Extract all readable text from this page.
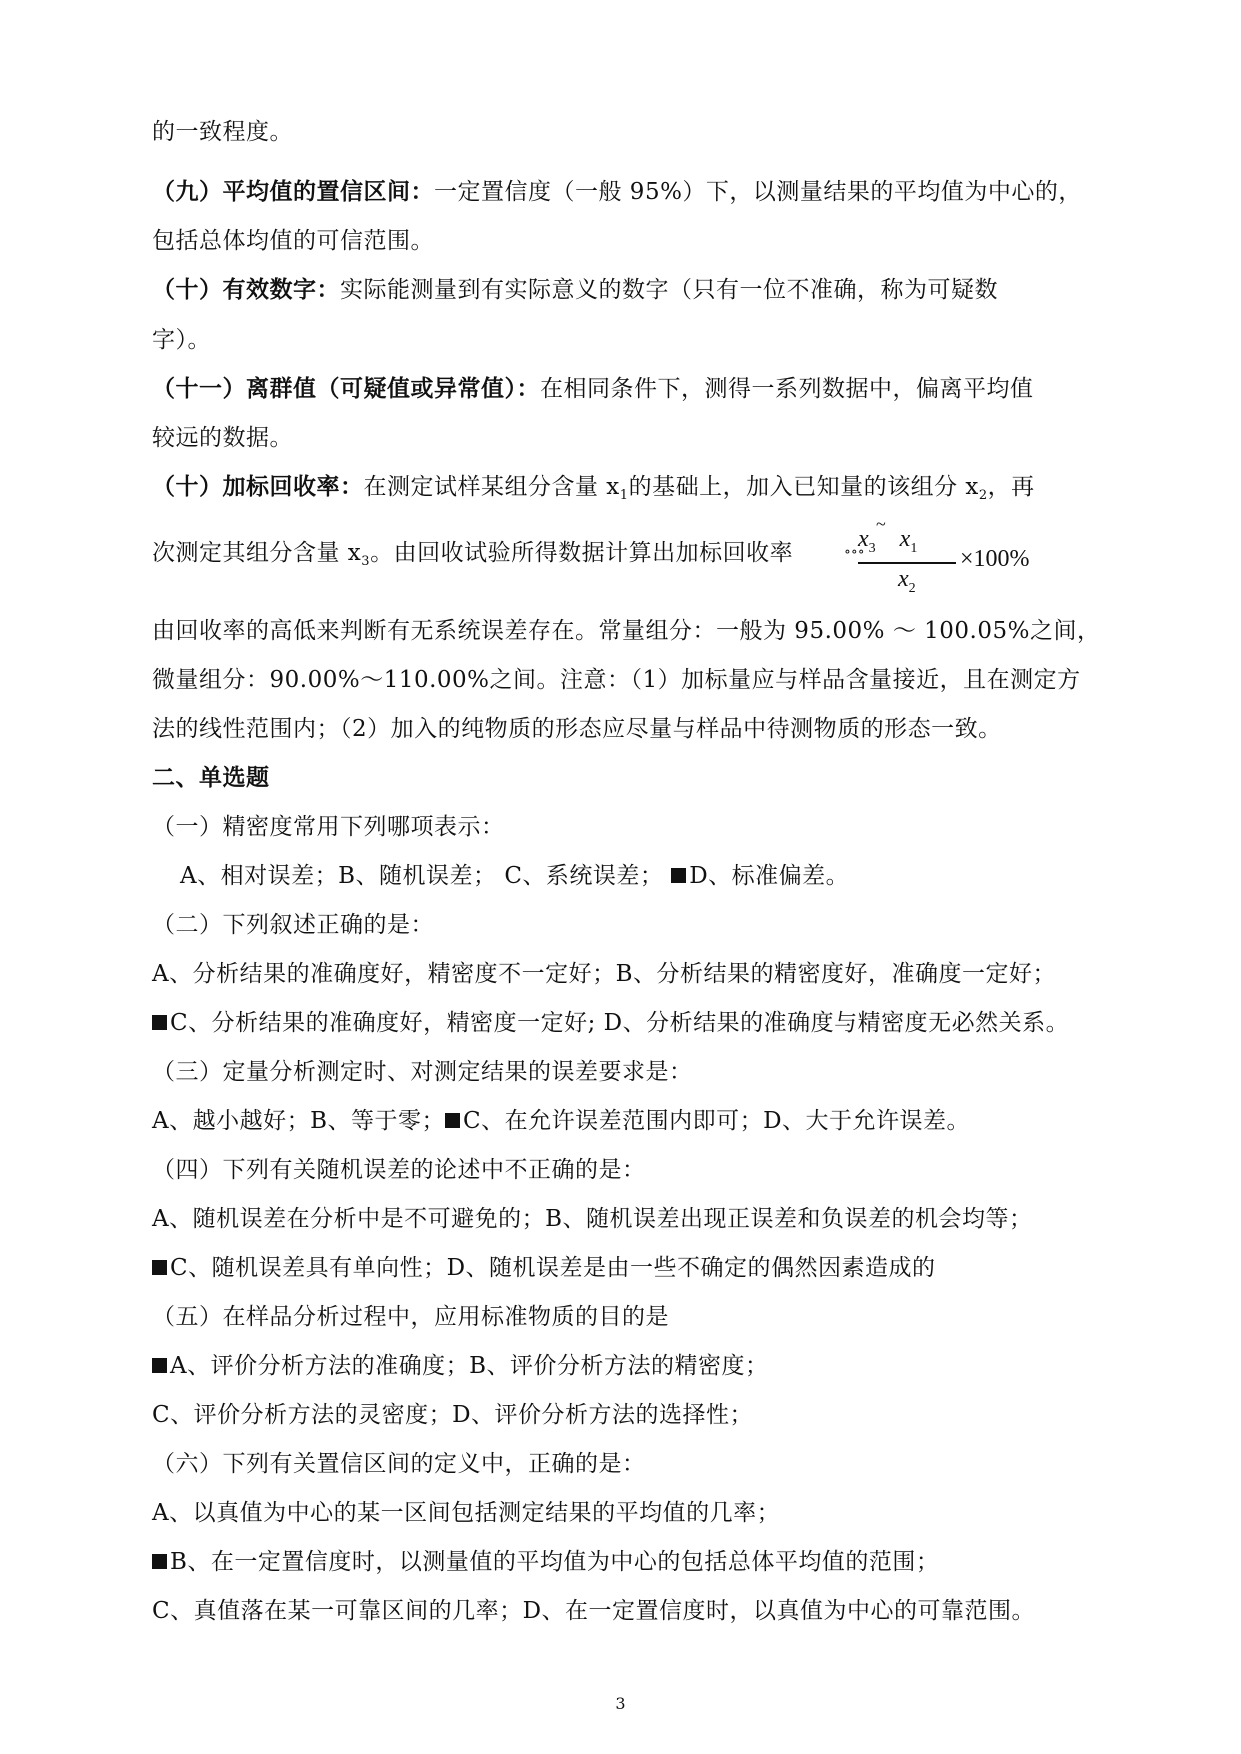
的一致程度。
（九）平均值的置信区间：一定置信度（一般 95%）下，以测量结果的平均值为中心的，
包括总体均值的可信范围。
（十）有效数字：实际能测量到有实际意义的数字（只有一位不准确，称为可疑数
字）。
（十一）离群值（可疑值或异常值）：在相同条件下，测得一系列数据中，偏离平均值
较远的数据。
（十）加标回收率：在测定试样某组分含量 $x_1$的基础上，加入已知量的该组分 $x_2$，再
次测定其组分含量 $x_3$。由回收试验所得数据计算出加标回收率	∘∘∘
~
$x_3$ $x_1$
$x_2$
×100%
由回收率的高低来判断有无系统误差存在。常量组分：一般为 95.00% ～ 100.05%之间，
微量组分：90.00%～110.00%之间。注意：（1）加标量应与样品含量接近，且在测定方
法的线性范围内；（2）加入的纯物质的形态应尽量与样品中待测物质的形态一致。
二、单选题
（一）精密度常用下列哪项表示：
A、相对误差；B、随机误差； C、系统误差； D、标准偏差。
（二）下列叙述正确的是：
A、分析结果的准确度好，精密度不一定好；B、分析结果的精密度好，准确度一定好；
C、分析结果的准确度好，精密度一定好; D、分析结果的准确度与精密度无必然关系。
（三）定量分析测定时、对测定结果的误差要求是：
A、越小越好；B、等于零； C、在允许误差范围内即可；D、大于允许误差。
（四）下列有关随机误差的论述中不正确的是：
A、随机误差在分析中是不可避免的；B、随机误差出现正误差和负误差的机会均等；
C、随机误差具有单向性；D、随机误差是由一些不确定的偶然因素造成的
（五）在样品分析过程中，应用标准物质的目的是
A、评价分析方法的准确度；B、评价分析方法的精密度；
C、评价分析方法的灵密度；D、评价分析方法的选择性；
（六）下列有关置信区间的定义中，正确的是：
A、以真值为中心的某一区间包括测定结果的平均值的几率；
B、在一定置信度时，以测量值的平均值为中心的包括总体平均值的范围；
C、真值落在某一可靠区间的几率；D、在一定置信度时，以真值为中心的可靠范围。
3
